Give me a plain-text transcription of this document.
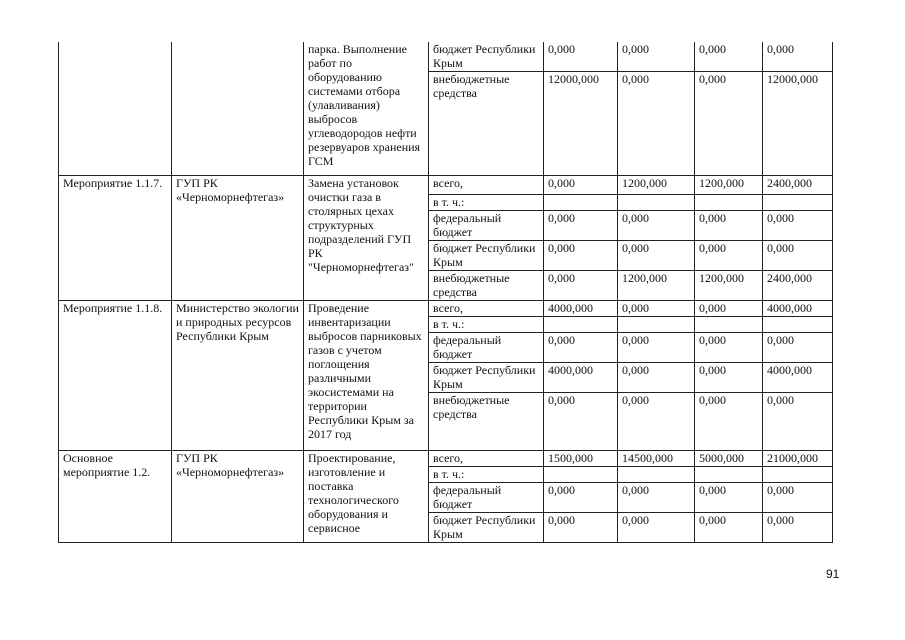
		парка. Выполнение работ по оборудованию системами отбора (улавливания) выбросов углеводородов нефти резервуаров хранения ГСМ	бюджет Республики Крым	0,000	0,000	0,000	0,000
			внебюджетные средства	12000,000	0,000	0,000	12000,000
Мероприятие 1.1.7.	ГУП РК «Черноморнефтегаз»	Замена установок очистки газа в столярных цехах структурных подразделений ГУП РК "Черноморнефтегаз"	всего,	0,000	1200,000	1200,000	2400,000
			в т. ч.:				
			федеральный бюджет	0,000	0,000	0,000	0,000
			бюджет Республики Крым	0,000	0,000	0,000	0,000
			внебюджетные средства	0,000	1200,000	1200,000	2400,000
Мероприятие 1.1.8.	Министерство экологии и природных ресурсов Республики Крым	Проведение инвентаризации выбросов парниковых газов с учетом поглощения различными экосистемами на территории Республики Крым за 2017 год	всего,	4000,000	0,000	0,000	4000,000
			в т. ч.:				
			федеральный бюджет	0,000	0,000	0,000	0,000
			бюджет Республики Крым	4000,000	0,000	0,000	4000,000
			внебюджетные средства	0,000	0,000	0,000	0,000
Основное мероприятие 1.2.	ГУП РК «Черноморнефтегаз»	Проектирование, изготовление и поставка технологического оборудования и сервисное	всего,	1500,000	14500,000	5000,000	21000,000
			в т. ч.:				
			федеральный бюджет	0,000	0,000	0,000	0,000
			бюджет Республики Крым	0,000	0,000	0,000	0,000
91
